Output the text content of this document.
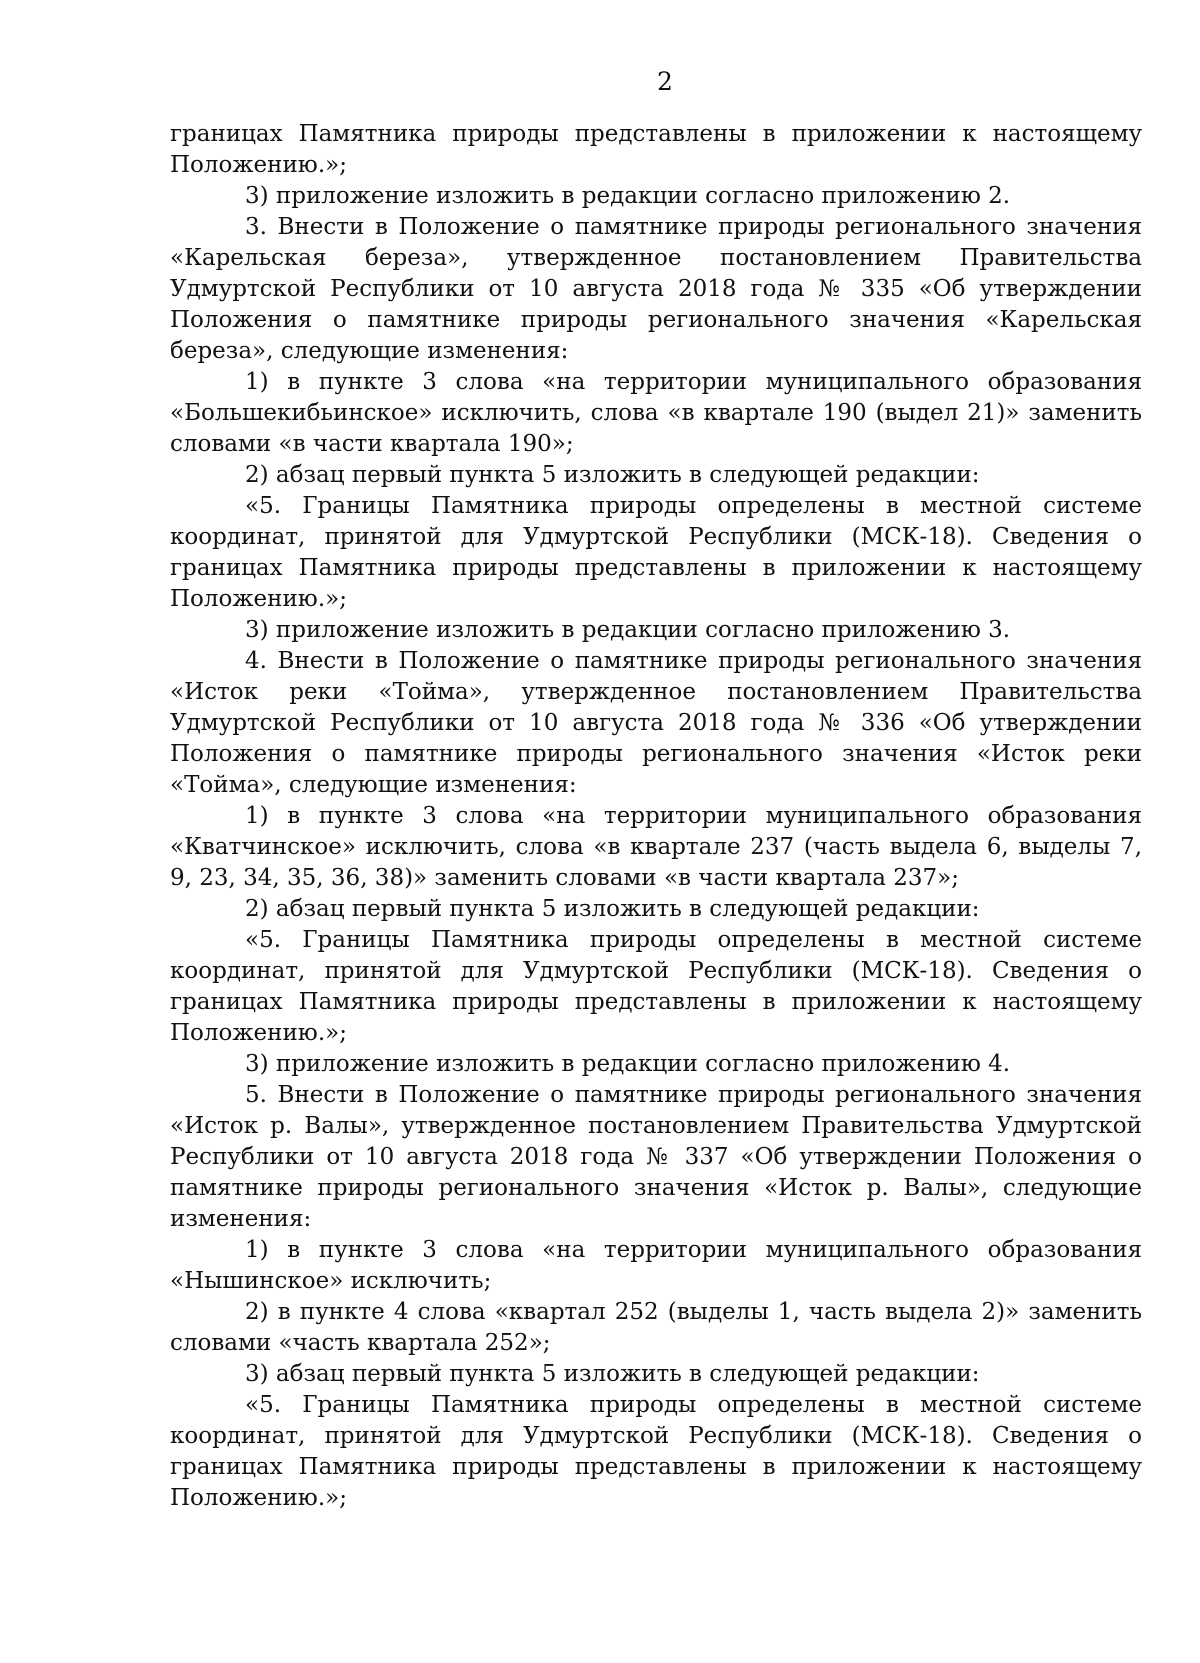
2

границах Памятника природы представлены в приложении к настоящему Положению.»;

3) приложение изложить в редакции согласно приложению 2.

3. Внести в Положение о памятнике природы регионального значения «Карельская береза», утвержденное постановлением Правительства Удмуртской Республики от 10 августа 2018 года № 335 «Об утверждении Положения о памятнике природы регионального значения «Карельская береза», следующие изменения:

1) в пункте 3 слова «на территории муниципального образования «Большекибьинское» исключить, слова «в квартале 190 (выдел 21)» заменить словами «в части квартала 190»;

2) абзац первый пункта 5 изложить в следующей редакции:

«5. Границы Памятника природы определены в местной системе координат, принятой для Удмуртской Республики (МСК-18). Сведения о границах Памятника природы представлены в приложении к настоящему Положению.»;

3) приложение изложить в редакции согласно приложению 3.

4. Внести в Положение о памятнике природы регионального значения «Исток реки «Тойма», утвержденное постановлением Правительства Удмуртской Республики от 10 августа 2018 года № 336 «Об утверждении Положения о памятнике природы регионального значения «Исток реки «Тойма», следующие изменения:

1) в пункте 3 слова «на территории муниципального образования «Кватчинское» исключить, слова «в квартале 237 (часть выдела 6, выделы 7, 9, 23, 34, 35, 36, 38)» заменить словами «в части квартала 237»;

2) абзац первый пункта 5 изложить в следующей редакции:

«5. Границы Памятника природы определены в местной системе координат, принятой для Удмуртской Республики (МСК-18). Сведения о границах Памятника природы представлены в приложении к настоящему Положению.»;

3) приложение изложить в редакции согласно приложению 4.

5. Внести в Положение о памятнике природы регионального значения «Исток р. Валы», утвержденное постановлением Правительства Удмуртской Республики от 10 августа 2018 года № 337 «Об утверждении Положения о памятнике природы регионального значения «Исток р. Валы», следующие изменения:

1) в пункте 3 слова «на территории муниципального образования «Нышинское» исключить;

2) в пункте 4 слова «квартал 252 (выделы 1, часть выдела 2)» заменить словами «часть квартала 252»;

3) абзац первый пункта 5 изложить в следующей редакции:

«5. Границы Памятника природы определены в местной системе координат, принятой для Удмуртской Республики (МСК-18). Сведения о границах Памятника природы представлены в приложении к настоящему Положению.»;
